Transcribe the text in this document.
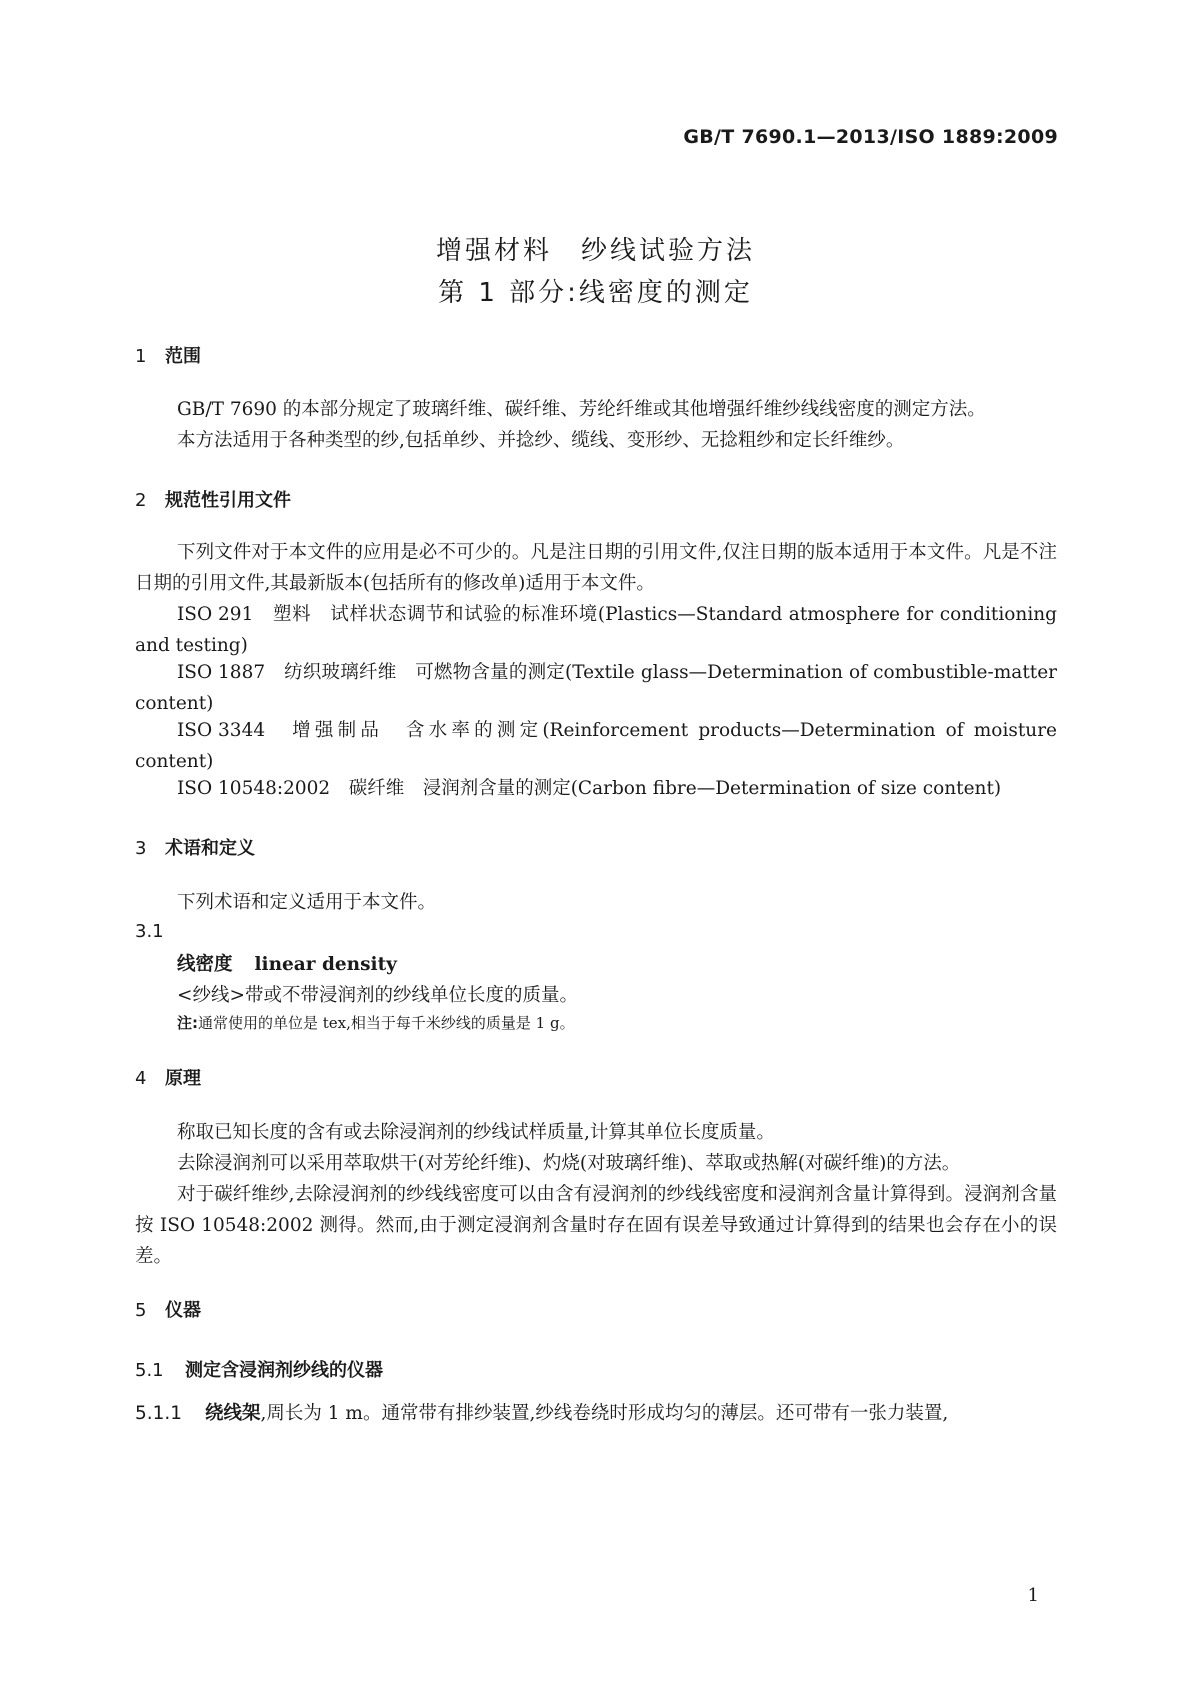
GB/T 7690.1—2013/ISO 1889:2009
增强材料　纱线试验方法
第 1 部分:线密度的测定
1 范围
GB/T 7690 的本部分规定了玻璃纤维、碳纤维、芳纶纤维或其他增强纤维纱线线密度的测定方法。
本方法适用于各种类型的纱,包括单纱、并捻纱、缆线、变形纱、无捻粗纱和定长纤维纱。
2 规范性引用文件
下列文件对于本文件的应用是必不可少的。凡是注日期的引用文件,仅注日期的版本适用于本文件。凡是不注日期的引用文件,其最新版本(包括所有的修改单)适用于本文件。
ISO 291　塑料　试样状态调节和试验的标准环境(Plastics—Standard atmosphere for conditioning and testing)
ISO 1887　纺织玻璃纤维　可燃物含量的测定(Textile glass—Determination of combustible-matter content)
ISO 3344　增强制品　含水率的测定(Reinforcement products—Determination of moisture content)
ISO 10548:2002　碳纤维　浸润剂含量的测定(Carbon fibre—Determination of size content)
3 术语和定义
下列术语和定义适用于本文件。
3.1
线密度 linear density
<纱线>带或不带浸润剂的纱线单位长度的质量。
注:通常使用的单位是 tex,相当于每千米纱线的质量是 1 g。
4 原理
称取已知长度的含有或去除浸润剂的纱线试样质量,计算其单位长度质量。
去除浸润剂可以采用萃取烘干(对芳纶纤维)、灼烧(对玻璃纤维)、萃取或热解(对碳纤维)的方法。
对于碳纤维纱,去除浸润剂的纱线线密度可以由含有浸润剂的纱线线密度和浸润剂含量计算得到。浸润剂含量按 ISO 10548:2002 测得。然而,由于测定浸润剂含量时存在固有误差导致通过计算得到的结果也会存在小的误差。
5 仪器
5.1 测定含浸润剂纱线的仪器
5.1.1 绕线架,周长为 1 m。通常带有排纱装置,纱线卷绕时形成均匀的薄层。还可带有一张力装置,
1
